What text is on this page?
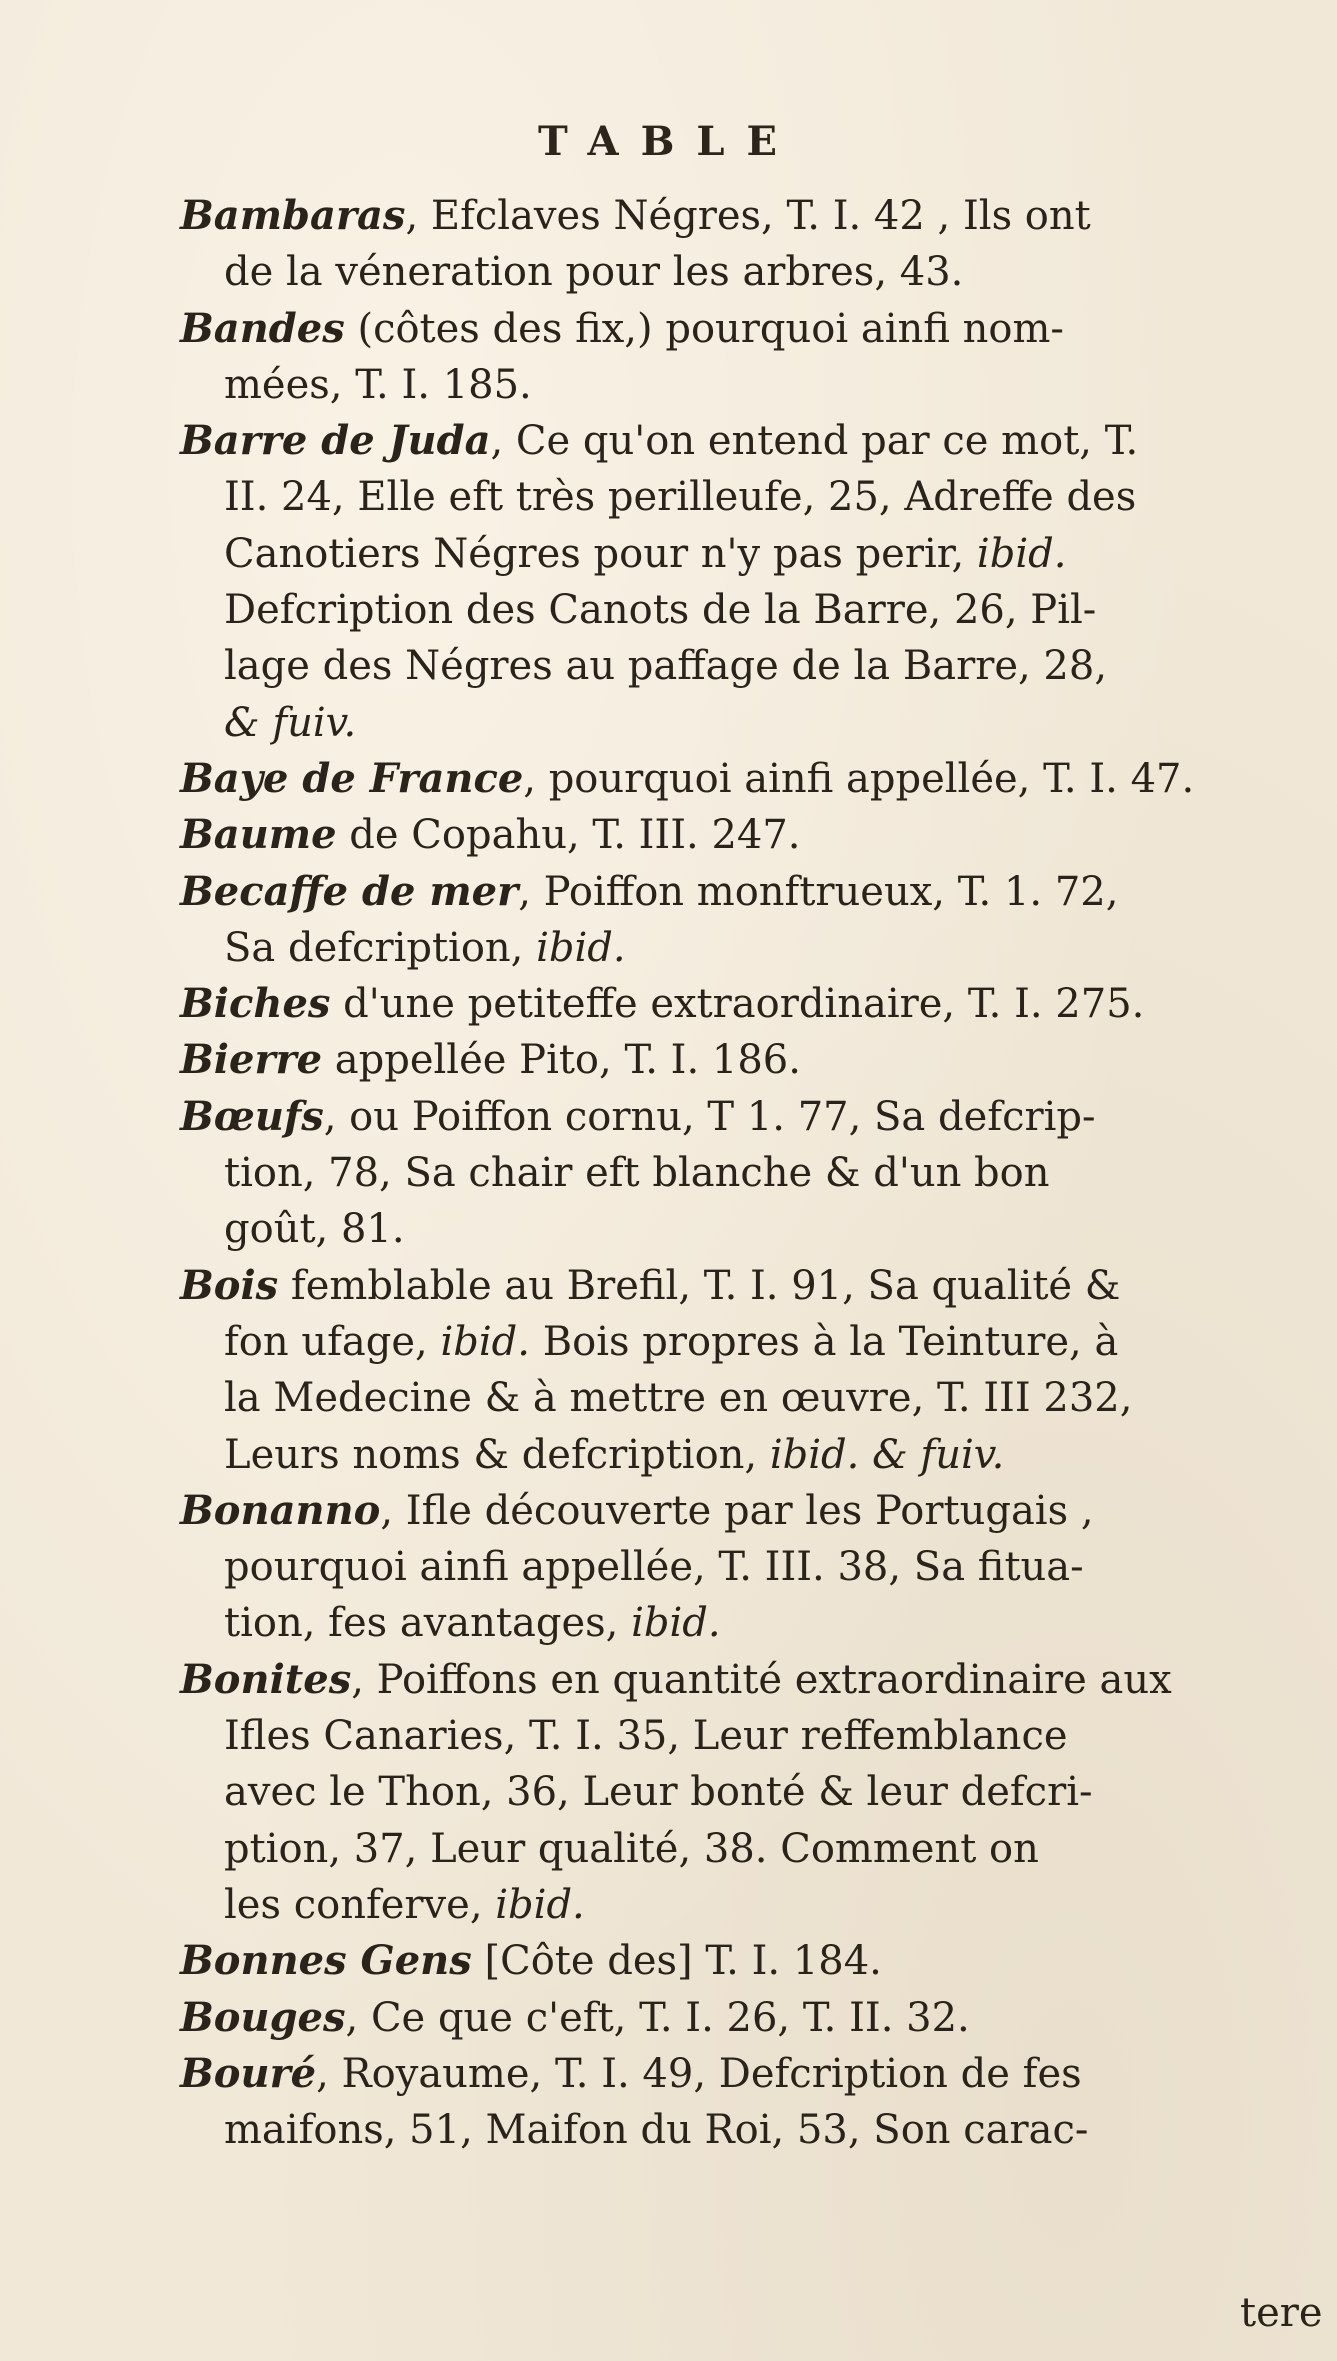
TABLE
Bambaras, Efclaves Négres, T. I. 42 , Ils ont
de la véneration pour les arbres, 43.
Bandes (côtes des fix,) pourquoi ainfi nom-
mées, T. I. 185.
Barre de Juda, Ce qu'on entend par ce mot, T.
II. 24, Elle eft très perilleufe, 25, Adreffe des
Canotiers Négres pour n'y pas perir, ibid.
Defcription des Canots de la Barre, 26, Pil-
lage des Négres au paffage de la Barre, 28,
& fuiv.
Baye de France, pourquoi ainfi appellée, T. I. 47.
Baume de Copahu, T. III. 247.
Becaffe de mer, Poiffon monftrueux, T. 1. 72,
Sa defcription, ibid.
Biches d'une petiteffe extraordinaire, T. I. 275.
Bierre appellée Pito, T. I. 186.
Bœufs, ou Poiffon cornu, T 1. 77, Sa defcrip-
tion, 78, Sa chair eft blanche & d'un bon
goût, 81.
Bois femblable au Brefil, T. I. 91, Sa qualité &
fon ufage, ibid. Bois propres à la Teinture, à
la Medecine & à mettre en œuvre, T. III 232,
Leurs noms & defcription, ibid. & fuiv.
Bonanno, Ifle découverte par les Portugais ,
pourquoi ainfi appellée, T. III. 38, Sa fitua-
tion, fes avantages, ibid.
Bonites, Poiffons en quantité extraordinaire aux
Ifles Canaries, T. I. 35, Leur reffemblance
avec le Thon, 36, Leur bonté & leur defcri-
ption, 37, Leur qualité, 38. Comment on
les conferve, ibid.
Bonnes Gens [Côte des] T. I. 184.
Bouges, Ce que c'eft, T. I. 26, T. II. 32.
Bouré, Royaume, T. I. 49, Defcription de fes
maifons, 51, Maifon du Roi, 53, Son carac-
tere
